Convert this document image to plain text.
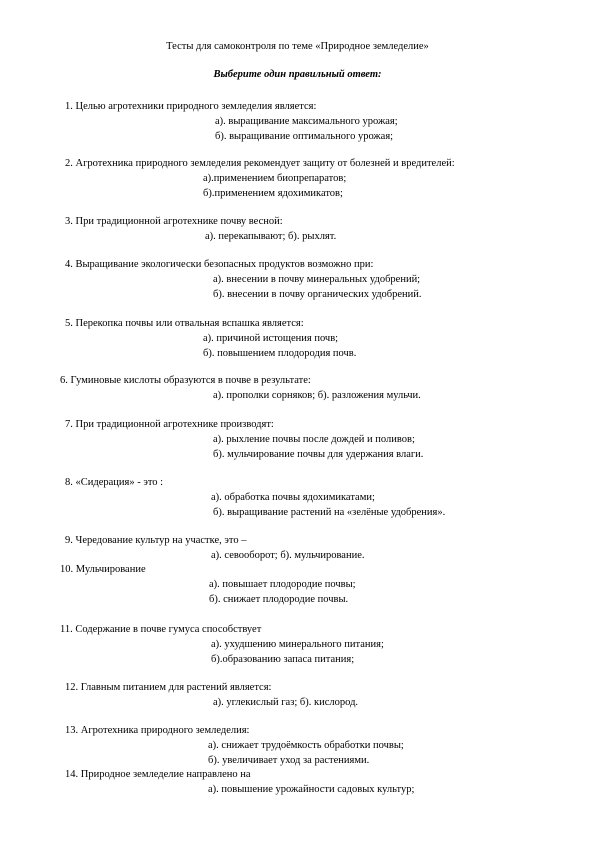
Тесты для самоконтроля по теме «Природное земледелие»
Выберите один правильный ответ:
1. Целью агротехники природного земледелия является:
а). выращивание максимального урожая;
б). выращивание оптимального урожая;
2. Агротехника природного земледелия рекомендует защиту от болезней и вредителей:
а).применением биопрепаратов;
б).применением ядохимикатов;
3. При традиционной агротехнике почву весной:
а). перекапывают; б). рыхлят.
4. Выращивание экологически безопасных продуктов возможно при:
а). внесении в почву минеральных удобрений;
б). внесении в почву органических удобрений.
5. Перекопка почвы или отвальная вспашка является:
а). причиной истощения почв;
б). повышением плодородия почв.
6. Гуминовые кислоты образуются в почве в результате:
а). прополки сорняков; б). разложения мульчи.
7. При традиционной агротехнике производят:
а). рыхление почвы после дождей и поливов;
б). мульчирование почвы для удержания влаги.
8. «Сидерация» - это :
а). обработка почвы ядохимикатами;
б). выращивание растений на «зелёные удобрения».
9. Чередование культур на участке, это –
а). севооборот; б). мульчирование.
10. Мульчирование
а). повышает плодородие почвы;
б). снижает плодородие почвы.
11. Содержание в почве гумуса способствует
а). ухудшению минерального питания;
б).образованию запаса питания;
12. Главным питанием для растений является:
а). углекислый газ; б). кислород.
13. Агротехника природного земледелия:
а). снижает трудоёмкость обработки почвы;
б). увеличивает уход за растениями.
14. Природное земледелие направлено на
а). повышение урожайности садовых культур;
